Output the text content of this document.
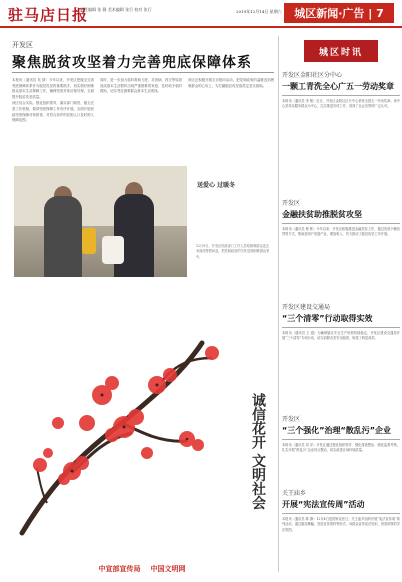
驻马店日报
责任编辑 张 静 美术编辑 张行 校对 张行	2019年12月14日 星期六	城区新闻·广告 | 7
开发区
聚焦脱贫攻坚着力完善兜底保障体系

本报讯（通讯员 吴 倩）今年以来，开发区把健全完善兜底保障体系作为脱贫攻坚的重要抓手，切实做好困难群众基本生活保障工作，确保兜底对象应保尽保，全面提升脱贫攻坚质量。

该区结合实际，强化组织领导，落实部门职责，健全完善工作机制，做到兜底保障工作有序开展。全面开展民政兜底保障对象排查，对符合条件的贫困人口及时纳入保障范围。

同时，进一步加大临时救助力度，对因病、因灾等原因造成基本生活暂时出现严重困难的家庭，及时给予临时救助，切实兜住困难群众基本生活底线。

该区还积极开展走访慰问活动，把党和政府的温暖送到困难群众的心坎上，为打赢脱贫攻坚战奠定坚实基础。

送爱心 过暖冬
12月9日，开发区民政部门工作人员给困难群众送去米面油等慰问品，把党和政府的关怀送到困难群众家中。
诚信花开 文明社会
中宣部宣传局 中国文明网
城区时讯
开发区金阳社区分中心
一颗工青洗全心广五一劳动奖章
本报讯（通讯员 李 敏）近日，开发区金阳社区分中心荣获全国五一劳动奖章。该中心坚持以服务群众为中心，扎实推进各项工作，得到了社会各界的广泛认可。
开发区
金融扶贫助推脱贫攻坚
本报讯（通讯员 程 彬）今年以来，开发区积极推进金融扶贫工作，通过发放小额信贷等方式，帮助贫困户发展产业，增加收入，有力推动了脱贫攻坚工作开展。
开发区建设交通局
“三个清零”行动取得实效
本报讯（通讯员 王 超）为确保辖区安全生产形势持续稳定，开发区建设交通局开展“三个清零”专项行动，切实消除各类安全隐患，取得了明显成效。
开发区
“三个强化”治理“散乱污”企业
本报讯（通讯员 刘 洋）开发区通过强化组织领导、强化排查整治、强化监督考核，扎实开展“散乱污”企业综合整治，切实改善区域环境质量。
关王庙乡
开展“宪法宣传周”活动
本报讯（通讯员 陈 静）12月4日是国家宪法日，关王庙乡组织开展“宪法宣传周”系列活动，通过悬挂横幅、发放宣传资料等形式，向群众宣传宪法知识，营造浓厚的学法氛围。
